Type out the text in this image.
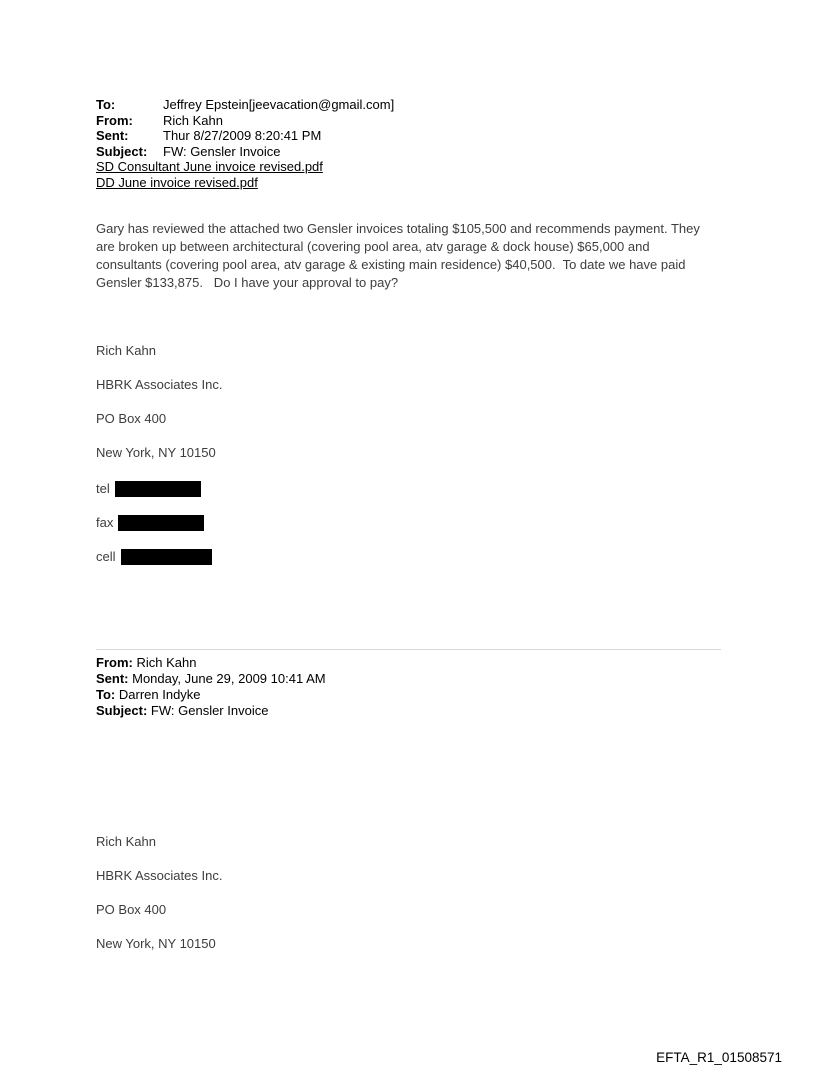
To:	Jeffrey Epstein[jeevacation@gmail.com]
From:	Rich Kahn
Sent:	Thur 8/27/2009 8:20:41 PM
Subject:	FW: Gensler Invoice
SD Consultant June invoice revised.pdf
DD June invoice revised.pdf
Gary has reviewed the attached two Gensler invoices totaling $105,500 and recommends payment. They are broken up between architectural (covering pool area, atv garage & dock house) $65,000 and consultants (covering pool area, atv garage & existing main residence) $40,500.  To date we have paid Gensler $133,875.   Do I have your approval to pay?

Rich Kahn

HBRK Associates Inc.

PO Box 400

New York, NY 10150

tel
fax
cell
From: Rich Kahn
Sent: Monday, June 29, 2009 10:41 AM
To: Darren Indyke
Subject: FW: Gensler Invoice

Rich Kahn

HBRK Associates Inc.

PO Box 400

New York, NY 10150

EFTA_R1_01508571
